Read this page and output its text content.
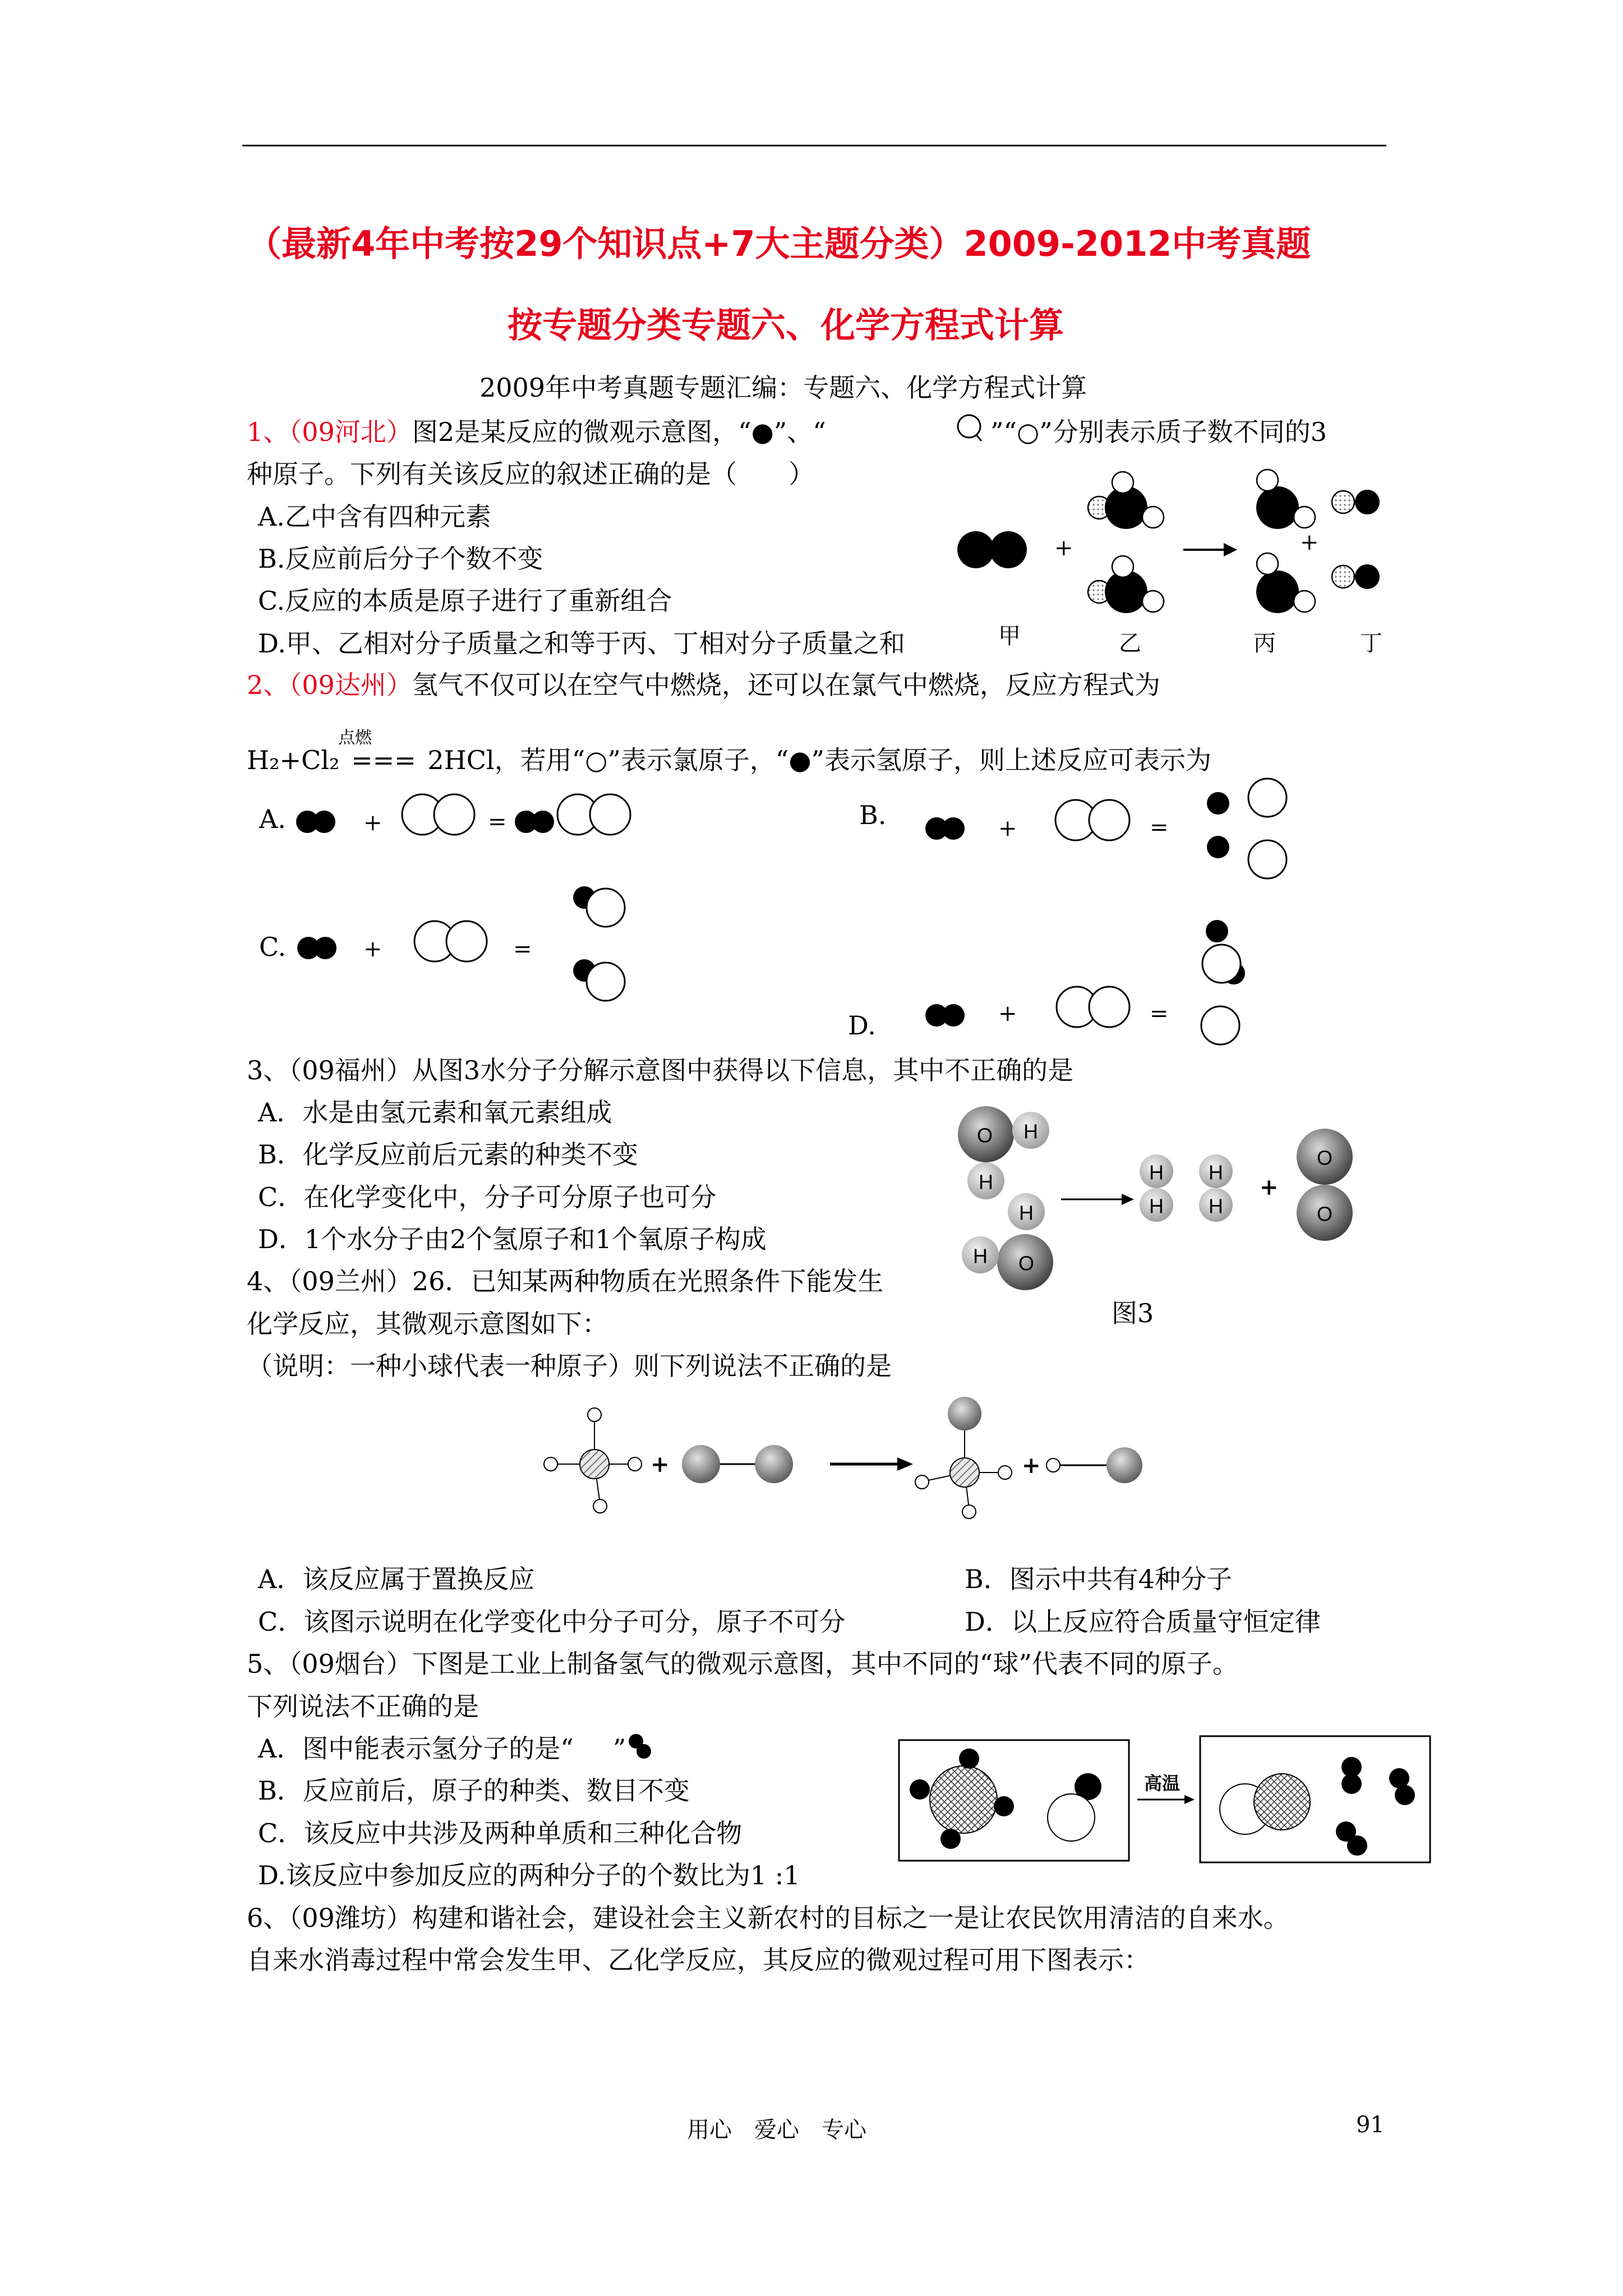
（最新4年中考按29个知识点+7大主题分类）2009-2012中考真题
按专题分类专题六、化学方程式计算
2009年中考真题专题汇编：专题六、化学方程式计算
1、（09河北）图2是某反应的微观示意图，“●”、“	”“○”分别表示质子数不同的3
种原子。下列有关该反应的叙述正确的是（　　）
A.乙中含有四种元素
B.反应前后分子个数不变
C.反应的本质是原子进行了重新组合
D.甲、乙相对分子质量之和等于丙、丁相对分子质量之和
+	+
甲	乙	丙	丁
2、（09达州）氢气不仅可以在空气中燃烧，还可以在氯气中燃烧，反应方程式为
点燃
H₂+Cl₂ === 2HCl，若用“○”表示氯原子，“●”表示氢原子，则上述反应可表示为
A.	+	=	B.	+	=
C.	+	=
D.	+	=
3、（09福州）从图3水分子分解示意图中获得以下信息，其中不正确的是
A．水是由氢元素和氧元素组成
B．化学反应前后元素的种类不变
C．在化学变化中，分子可分原子也可分
D．1个水分子由2个氢原子和1个氧原子构成
O H
H
H
O
H
H
H
H
H
+
O
O
图3
4、（09兰州）26．已知某两种物质在光照条件下能发生
化学反应，其微观示意图如下：
（说明：一种小球代表一种原子）则下列说法不正确的是
+	+
A．该反应属于置换反应	B．图示中共有4种分子
C．该图示说明在化学变化中分子可分，原子不可分	D．以上反应符合质量守恒定律
5、（09烟台）下图是工业上制备氢气的微观示意图，其中不同的“球”代表不同的原子。
下列说法不正确的是
A．图中能表示氢分子的是“ ”
B．反应前后，原子的种类、数目不变
C．该反应中共涉及两种单质和三种化合物
D.该反应中参加反应的两种分子的个数比为1 :1
高温
6、（09潍坊）构建和谐社会，建设社会主义新农村的目标之一是让农民饮用清洁的自来水。
自来水消毒过程中常会发生甲、乙化学反应，其反应的微观过程可用下图表示：
用心　爱心　专心	91
